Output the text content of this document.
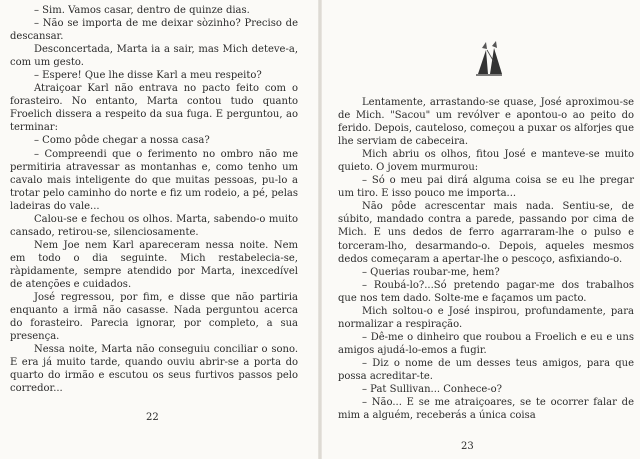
– Sim. Vamos casar, dentro de quinze dias.

– Não se importa de me deixar sòzinho? Preciso de descansar.

Desconcertada, Marta ia a sair, mas Mich deteve-a, com um gesto.

– Espere! Que lhe disse Karl a meu respeito?

Atraiçoar Karl não entrava no pacto feito com o forasteiro. No entanto, Marta contou tudo quanto Froelich dissera a respeito da sua fuga. E perguntou, ao terminar:

– Como pôde chegar a nossa casa?

– Compreendi que o ferimento no ombro não me permitiria atravessar as montanhas e, como tenho um cavalo mais inteligente do que muitas pessoas, pu-lo a trotar pelo caminho do norte e fiz um rodeio, a pé, pelas ladeiras do vale...

Calou-se e fechou os olhos. Marta, sabendo-o muito cansado, retirou-se, silenciosamente.

Nem Joe nem Karl apareceram nessa noite. Nem em todo o dia seguinte. Mich restabelecia-se, ràpidamente, sempre atendido por Marta, inexcedível de atenções e cuidados.

José regressou, por fim, e disse que não partiria enquanto a irmã não casasse. Nada perguntou acerca do forasteiro. Parecia ignorar, por completo, a sua presença.

Nessa noite, Marta não conseguiu conciliar o sono. E era já muito tarde, quando ouviu abrir-se a porta do quarto do irmão e escutou os seus furtivos passos pelo corredor...

22

Lentamente, arrastando-se quase, José aproximou-se de Mich. "Sacou" um revólver e apontou-o ao peito do ferido. Depois, cauteloso, começou a puxar os alforjes que lhe serviam de cabeceira.

Mich abriu os olhos, fitou José e manteve-se muito quieto. O jovem murmurou:

– Só o meu pai dirá alguma coisa se eu lhe pregar um tiro. E isso pouco me importa...

Não pôde acrescentar mais nada. Sentiu-se, de súbito, mandado contra a parede, passando por cima de Mich. E uns dedos de ferro agarraram-lhe o pulso e torceram-lho, desarmando-o. Depois, aqueles mesmos dedos começaram a apertar-lhe o pescoço, asfixiando-o.

– Querias roubar-me, hem?

– Roubá-lo?...Só pretendo pagar-me dos trabalhos que nos tem dado. Solte-me e façamos um pacto.

Mich soltou-o e José inspirou, profundamente, para normalizar a respiração.

– Dê-me o dinheiro que roubou a Froelich e eu e uns amigos ajudá-lo-emos a fugir.

– Diz o nome de um desses teus amigos, para que possa acreditar-te.

– Pat Sullivan... Conhece-o?

– Não... E se me atraiçoares, se te ocorrer falar de mim a alguém, receberás a única coisa

23
